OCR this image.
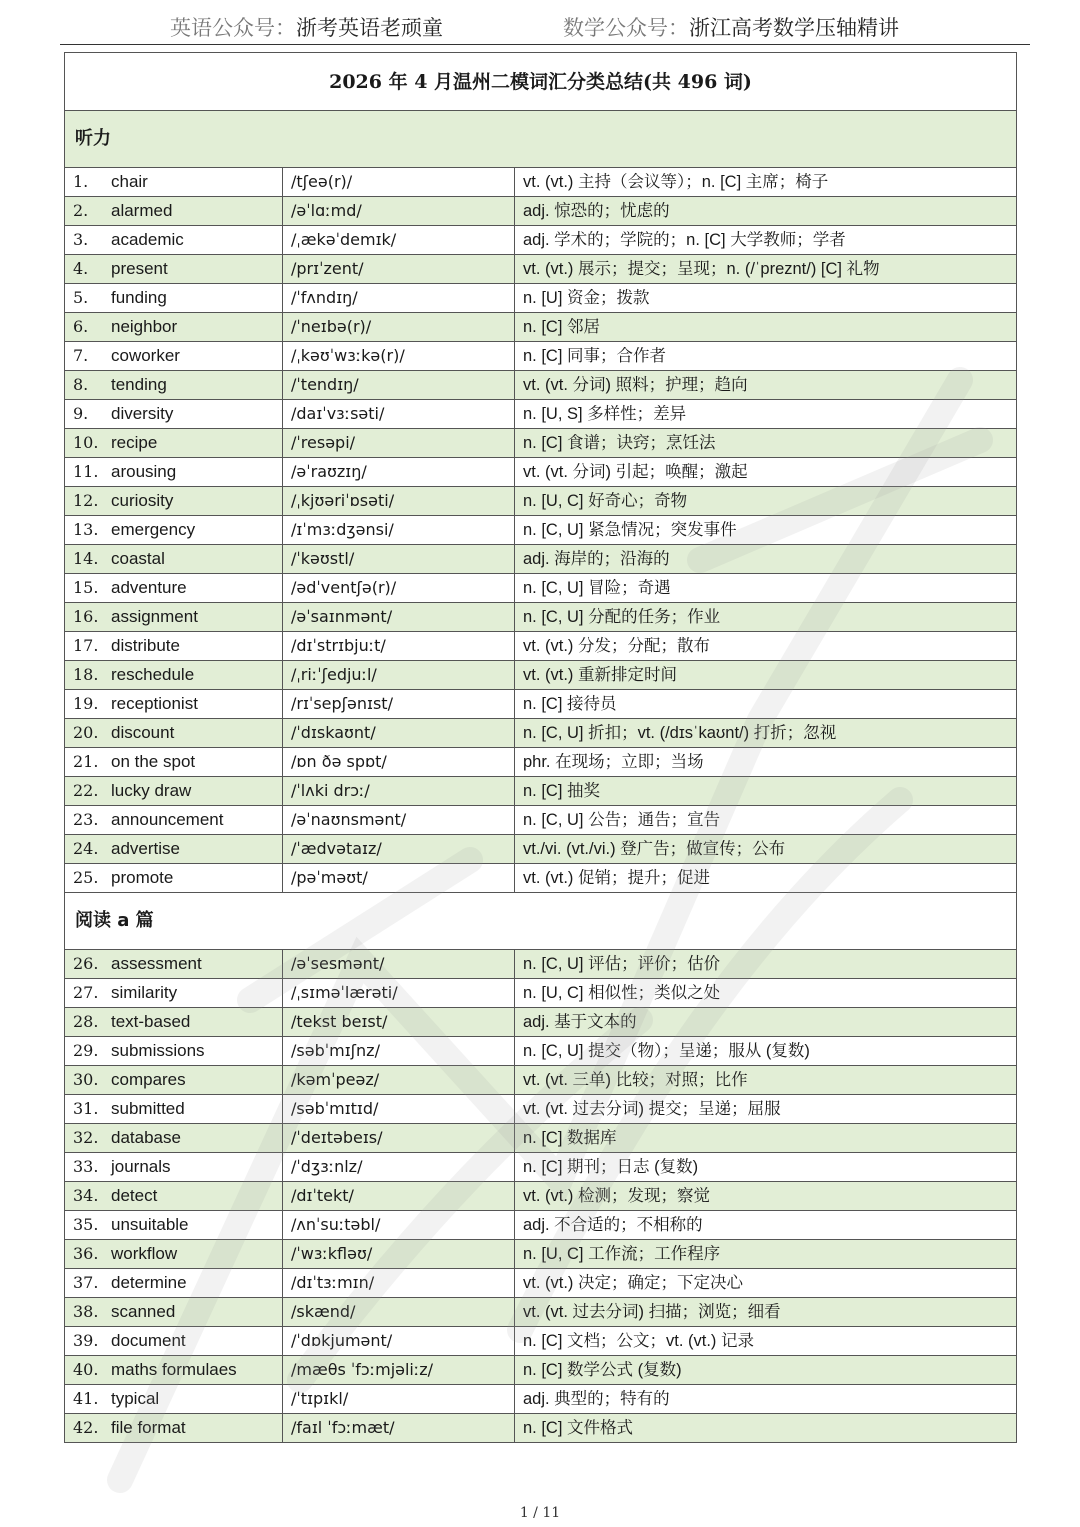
英语公众号：浙考英语老顽童	数学公众号：浙江高考数学压轴精讲
2026 年 4 月温州二模词汇分类总结(共 496 词)		
听力		
1. chair	/tʃeə(r)/	vt. (vt.) 主持（会议等）；n. [C] 主席；椅子
2. alarmed	/əˈlɑːmd/	adj. 惊恐的；忧虑的
3. academic	/ˌækəˈdemɪk/	adj. 学术的；学院的；n. [C] 大学教师；学者
4. present	/prɪˈzent/	vt. (vt.) 展示；提交；呈现；n. (/ˈpreznt/) [C] 礼物
5. funding	/ˈfʌndɪŋ/	n. [U] 资金；拨款
6. neighbor	/ˈneɪbə(r)/	n. [C] 邻居
7. coworker	/ˌkəʊˈwɜːkə(r)/	n. [C] 同事；合作者
8. tending	/ˈtendɪŋ/	vt. (vt. 分词) 照料；护理；趋向
9. diversity	/daɪˈvɜːsəti/	n. [U, S] 多样性；差异
10. recipe	/ˈresəpi/	n. [C] 食谱；诀窍；烹饪法
11. arousing	/əˈraʊzɪŋ/	vt. (vt. 分词) 引起；唤醒；激起
12. curiosity	/ˌkjʊəriˈɒsəti/	n. [U, C] 好奇心；奇物
13. emergency	/ɪˈmɜːdʒənsi/	n. [C, U] 紧急情况；突发事件
14. coastal	/ˈkəʊstl/	adj. 海岸的；沿海的
15. adventure	/ədˈventʃə(r)/	n. [C, U] 冒险；奇遇
16. assignment	/əˈsaɪnmənt/	n. [C, U] 分配的任务；作业
17. distribute	/dɪˈstrɪbjuːt/	vt. (vt.) 分发；分配；散布
18. reschedule	/ˌriːˈʃedjuːl/	vt. (vt.) 重新排定时间
19. receptionist	/rɪˈsepʃənɪst/	n. [C] 接待员
20. discount	/ˈdɪskaʊnt/	n. [C, U] 折扣；vt. (/dɪsˈkaʊnt/) 打折；忽视
21. on the spot	/ɒn ðə spɒt/	phr. 在现场；立即；当场
22. lucky draw	/ˈlʌki drɔː/	n. [C] 抽奖
23. announcement	/əˈnaʊnsmənt/	n. [C, U] 公告；通告；宣告
24. advertise	/ˈædvətaɪz/	vt./vi. (vt./vi.) 登广告；做宣传；公布
25. promote	/pəˈməʊt/	vt. (vt.) 促销；提升；促进
阅读 a 篇		
26. assessment	/əˈsesmənt/	n. [C, U] 评估；评价；估价
27. similarity	/ˌsɪməˈlærəti/	n. [U, C] 相似性；类似之处
28. text-based	/tekst beɪst/	adj. 基于文本的
29. submissions	/səbˈmɪʃnz/	n. [C, U] 提交（物）；呈递；服从 (复数)
30. compares	/kəmˈpeəz/	vt. (vt. 三单) 比较；对照；比作
31. submitted	/səbˈmɪtɪd/	vt. (vt. 过去分词) 提交；呈递；屈服
32. database	/ˈdeɪtəbeɪs/	n. [C] 数据库
33. journals	/ˈdʒɜːnlz/	n. [C] 期刊；日志 (复数)
34. detect	/dɪˈtekt/	vt. (vt.) 检测；发现；察觉
35. unsuitable	/ʌnˈsuːtəbl/	adj. 不合适的；不相称的
36. workflow	/ˈwɜːkfləʊ/	n. [U, C] 工作流；工作程序
37. determine	/dɪˈtɜːmɪn/	vt. (vt.) 决定；确定；下定决心
38. scanned	/skænd/	vt. (vt. 过去分词) 扫描；浏览；细看
39. document	/ˈdɒkjumənt/	n. [C] 文档；公文；vt. (vt.) 记录
40. maths formulaes	/mæθs ˈfɔːmjəliːz/	n. [C] 数学公式 (复数)
41. typical	/ˈtɪpɪkl/	adj. 典型的；特有的
42. file format	/faɪl ˈfɔːmæt/	n. [C] 文件格式
1 / 11
